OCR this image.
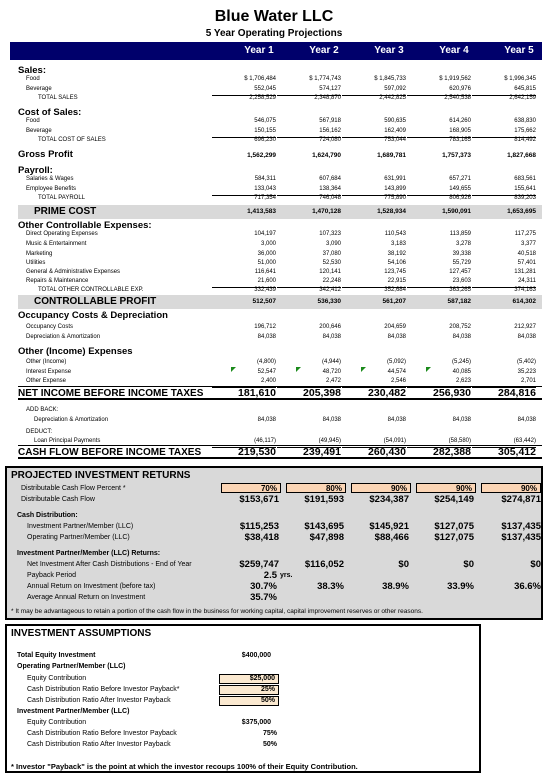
Blue Water LLC
5 Year Operating Projections
Year 1	Year 2	Year 3	Year 4	Year 5
Sales:
Food	$ 1,706,484	$ 1,774,743	$ 1,845,733	$ 1,919,562	$ 1,996,345
Beverage	552,045	574,127	597,092	620,976	645,815
TOTAL SALES	2,258,529	2,348,870	2,442,825	2,540,538	2,642,159
Cost of Sales:
Food	546,075	567,918	590,635	614,260	638,830
Beverage	150,155	156,162	162,409	168,905	175,662
TOTAL COST OF SALES	696,230	724,080	753,044	783,165	814,492
Gross Profit	1,562,299	1,624,790	1,689,781	1,757,373	1,827,668
Payroll:
Salaries & Wages	584,311	607,684	631,991	657,271	683,561
Employee Benefits	133,043	138,364	143,899	149,655	155,641
TOTAL PAYROLL	717,354	746,048	775,890	806,926	839,203
PRIME COST	1,413,583	1,470,128	1,528,934	1,590,091	1,653,695
Other Controllable Expenses:
Direct Operating Expenses	104,197	107,323	110,543	113,859	117,275
Music & Entertainment	3,000	3,090	3,183	3,278	3,377
Marketing	36,000	37,080	38,192	39,338	40,518
Utilities	51,000	52,530	54,106	55,729	57,401
General & Administrative Expenses	116,641	120,141	123,745	127,457	131,281
Repairs & Maintenance	21,600	22,248	22,915	23,603	24,311
TOTAL OTHER CONTROLLABLE EXP.	332,439	342,412	352,684	363,265	374,163
CONTROLLABLE PROFIT	512,507	536,330	561,207	587,182	614,302
Occupancy Costs & Depreciation
Occupancy Costs	196,712	200,646	204,659	208,752	212,927
Depreciation & Amortization	84,038	84,038	84,038	84,038	84,038
Other (Income) Expenses
Other (Income)	(4,800)	(4,944)	(5,092)	(5,245)	(5,402)
Interest Expense	52,547	48,720	44,574	40,085	35,223
Other Expense	2,400	2,472	2,546	2,623	2,701
NET INCOME BEFORE INCOME TAXES	181,610	205,398	230,482	256,930	284,816
ADD BACK:
Depreciation & Amortization	84,038	84,038	84,038	84,038	84,038
DEDUCT:
Loan Principal Payments	(46,117)	(49,945)	(54,091)	(58,580)	(63,442)
CASH FLOW BEFORE INCOME TAXES	219,530	239,491	260,430	282,388	305,412
PROJECTED INVESTMENT RETURNS
Distributable Cash Flow Percent *	70%	80%	90%	90%	90%
Distributable Cash Flow	$153,671	$191,593	$234,387	$254,149	$274,871
Cash Distribution:
Investment Partner/Member (LLC)	$115,253	$143,695	$145,921	$127,075	$137,435
Operating Partner/Member (LLC)	$38,418	$47,898	$88,466	$127,075	$137,435
Investment Partner/Member (LLC) Returns:
Net Investment After Cash Distributions - End of Year	$259,747	$116,052	$0	$0	$0
Payback Period	2.5 yrs.
Annual Return on Investment (before tax)	30.7%	38.3%	38.9%	33.9%	36.6%
Average Annual Return on Investment	35.7%
* It may be advantageous to retain a portion of the cash flow in the business for working capital, capital improvement reserves or other reasons.
INVESTMENT ASSUMPTIONS
Total Equity Investment	$400,000
Operating Partner/Member (LLC)
Equity Contribution	$25,000
Cash Distribution Ratio Before Investor Payback*	25%
Cash Distribution Ratio After Investor Payback	50%
Investment Partner/Member (LLC)
Equity Contribution	$375,000
Cash Distribution Ratio Before Investor Payback	75%
Cash Distribution Ratio After Investor Payback	50%
* Investor "Payback" is the point at which the investor recoups 100% of their Equity Contribution.
